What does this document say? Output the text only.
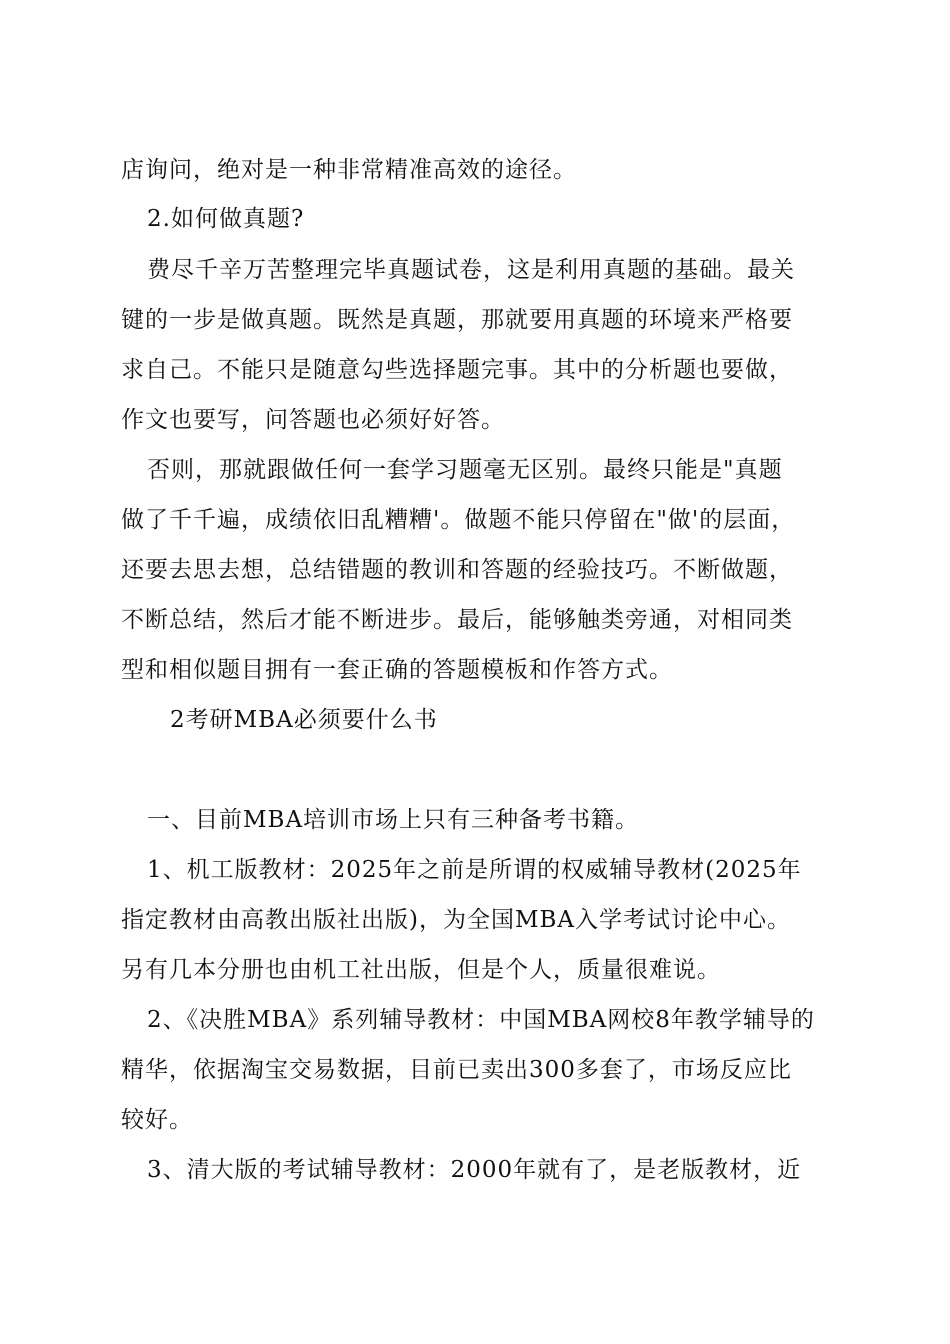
店询问，绝对是一种非常精准高效的途径。
2.如何做真题?
费尽千辛万苦整理完毕真题试卷，这是利用真题的基础。最关
键的一步是做真题。既然是真题，那就要用真题的环境来严格要
求自己。不能只是随意勾些选择题完事。其中的分析题也要做，
作文也要写，问答题也必须好好答。
否则，那就跟做任何一套学习题毫无区别。最终只能是"真题
做了千千遍，成绩依旧乱糟糟'。做题不能只停留在"做'的层面，
还要去思去想，总结错题的教训和答题的经验技巧。不断做题，
不断总结，然后才能不断进步。最后，能够触类旁通，对相同类
型和相似题目拥有一套正确的答题模板和作答方式。
2考研MBA必须要什么书
一、目前MBA培训市场上只有三种备考书籍。
1、机工版教材：2025年之前是所谓的权威辅导教材(2025年
指定教材由高教出版社出版)，为全国MBA入学考试讨论中心。
另有几本分册也由机工社出版，但是个人，质量很难说。
2、《决胜MBA》系列辅导教材：中国MBA网校8年教学辅导的
精华，依据淘宝交易数据，目前已卖出300多套了，市场反应比
较好。
3、清大版的考试辅导教材：2000年就有了，是老版教材，近
